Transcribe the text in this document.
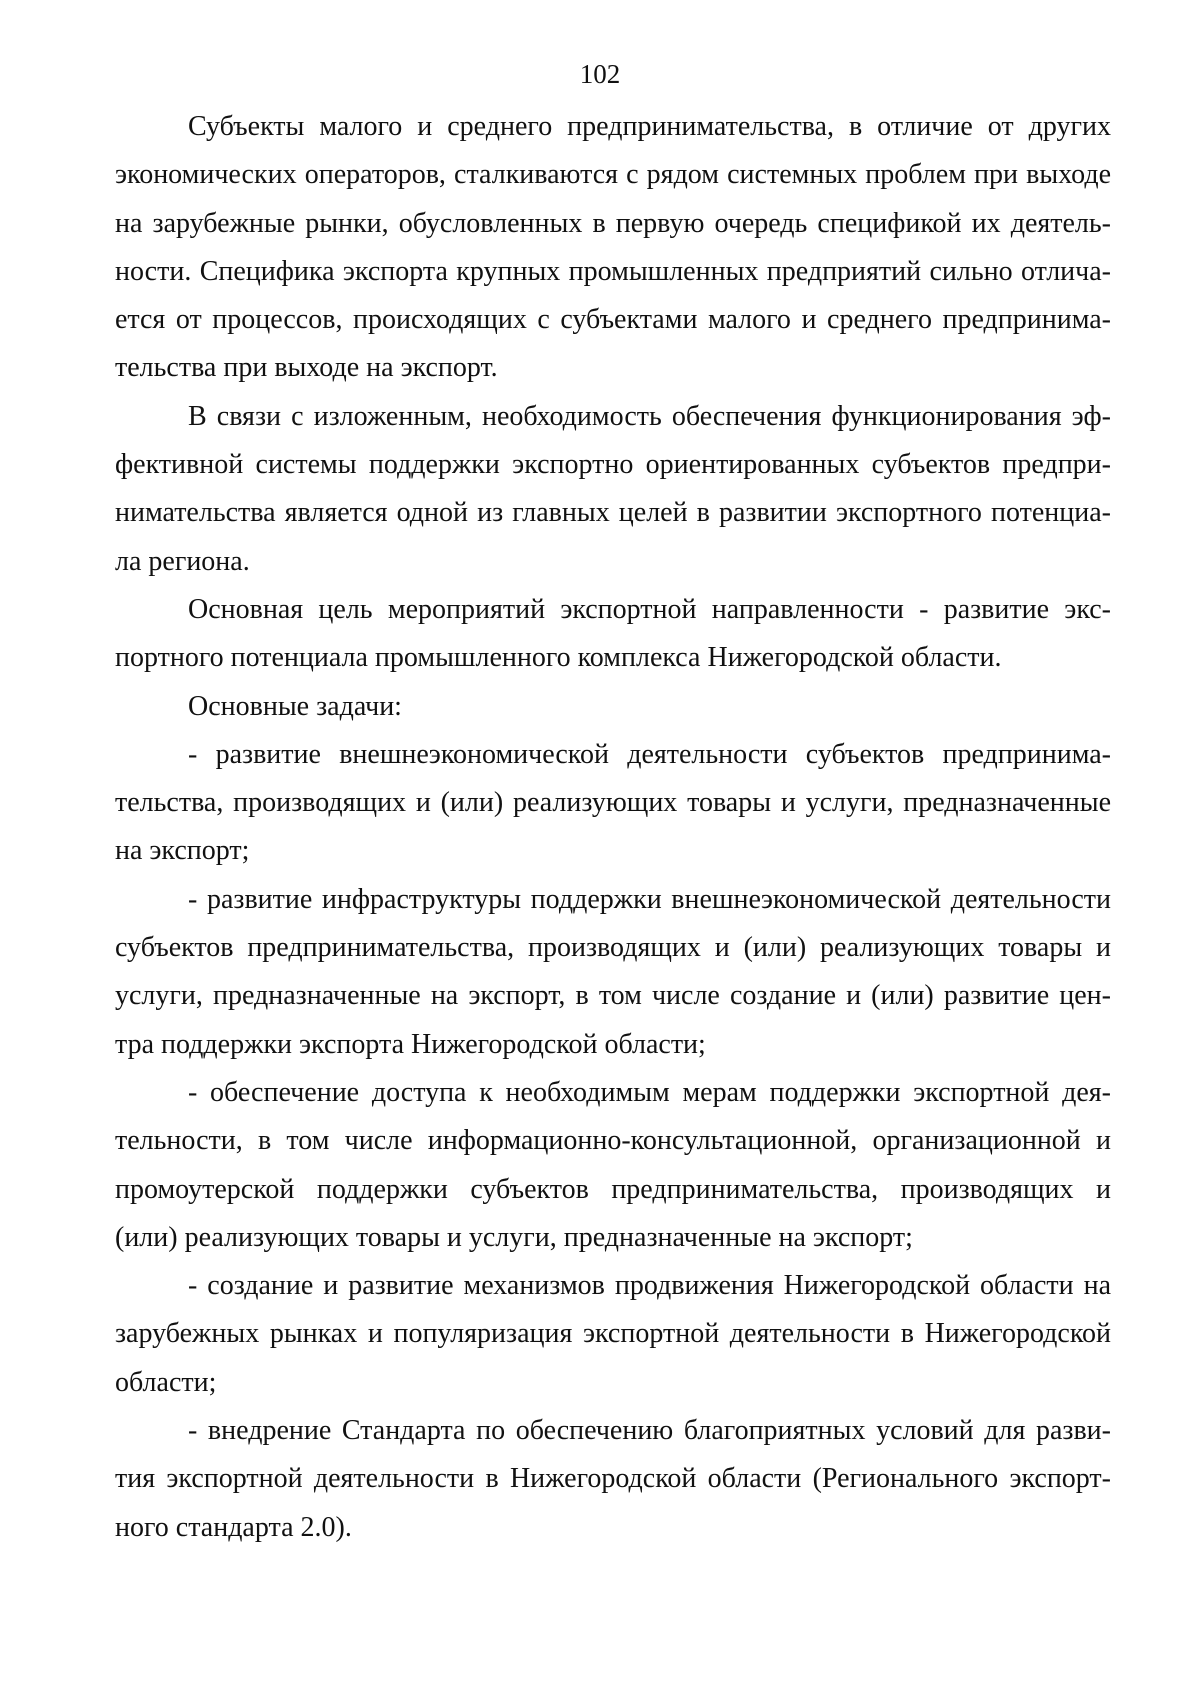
102
Субъекты малого и среднего предпринимательства, в отличие от других
экономических операторов, сталкиваются с рядом системных проблем при выходе
на зарубежные рынки, обусловленных в первую очередь спецификой их деятель-
ности. Специфика экспорта крупных промышленных предприятий сильно отлича-
ется от процессов, происходящих с субъектами малого и среднего предпринима-
тельства при выходе на экспорт.
В связи с изложенным, необходимость обеспечения функционирования эф-
фективной системы поддержки экспортно ориентированных субъектов предпри-
нимательства является одной из главных целей в развитии экспортного потенциа-
ла региона.
Основная цель мероприятий экспортной направленности - развитие экс-
портного потенциала промышленного комплекса Нижегородской области.
Основные задачи:
- развитие внешнеэкономической деятельности субъектов предпринима-
тельства, производящих и (или) реализующих товары и услуги, предназначенные
на экспорт;
- развитие инфраструктуры поддержки внешнеэкономической деятельности
субъектов предпринимательства, производящих и (или) реализующих товары и
услуги, предназначенные на экспорт, в том числе создание и (или) развитие цен-
тра поддержки экспорта Нижегородской области;
- обеспечение доступа к необходимым мерам поддержки экспортной дея-
тельности, в том числе информационно-консультационной, организационной и
промоутерской поддержки субъектов предпринимательства, производящих и
(или) реализующих товары и услуги, предназначенные на экспорт;
- создание и развитие механизмов продвижения Нижегородской области на
зарубежных рынках и популяризация экспортной деятельности в Нижегородской
области;
- внедрение Стандарта по обеспечению благоприятных условий для разви-
тия экспортной деятельности в Нижегородской области (Регионального экспорт-
ного стандарта 2.0).
